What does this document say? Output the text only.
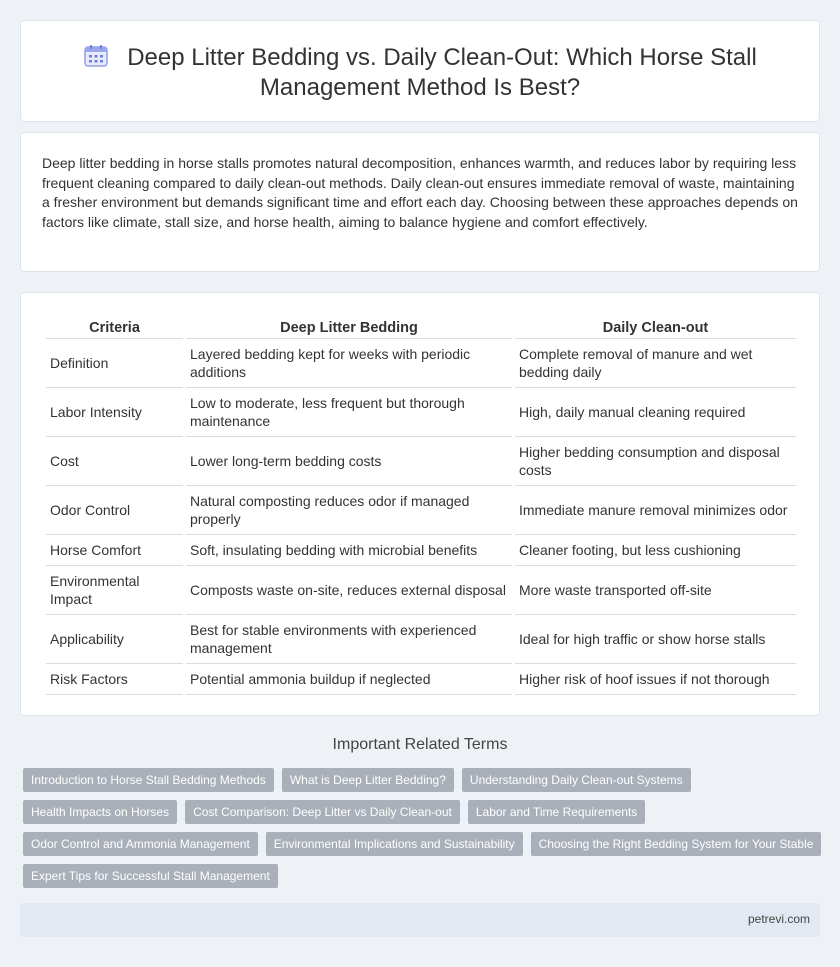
Deep Litter Bedding vs. Daily Clean-Out: Which Horse Stall Management Method Is Best?

Deep litter bedding in horse stalls promotes natural decomposition, enhances warmth, and reduces labor by requiring less frequent cleaning compared to daily clean-out methods. Daily clean-out ensures immediate removal of waste, maintaining a fresher environment but demands significant time and effort each day. Choosing between these approaches depends on factors like climate, stall size, and horse health, aiming to balance hygiene and comfort effectively.

Criteria	Deep Litter Bedding	Daily Clean-out
Definition	Layered bedding kept for weeks with periodic additions	Complete removal of manure and wet bedding daily
Labor Intensity	Low to moderate, less frequent but thorough maintenance	High, daily manual cleaning required
Cost	Lower long-term bedding costs	Higher bedding consumption and disposal costs
Odor Control	Natural composting reduces odor if managed properly	Immediate manure removal minimizes odor
Horse Comfort	Soft, insulating bedding with microbial benefits	Cleaner footing, but less cushioning
Environmental Impact	Composts waste on-site, reduces external disposal	More waste transported off-site
Applicability	Best for stable environments with experienced management	Ideal for high traffic or show horse stalls
Risk Factors	Potential ammonia buildup if neglected	Higher risk of hoof issues if not thorough
Important Related Terms
Introduction to Horse Stall Bedding Methods	What is Deep Litter Bedding?	Understanding Daily Clean-out Systems
Health Impacts on Horses	Cost Comparison: Deep Litter vs Daily Clean-out	Labor and Time Requirements
Odor Control and Ammonia Management	Environmental Implications and Sustainability	Choosing the Right Bedding System for Your Stable
Expert Tips for Successful Stall Management
petrevi.com
